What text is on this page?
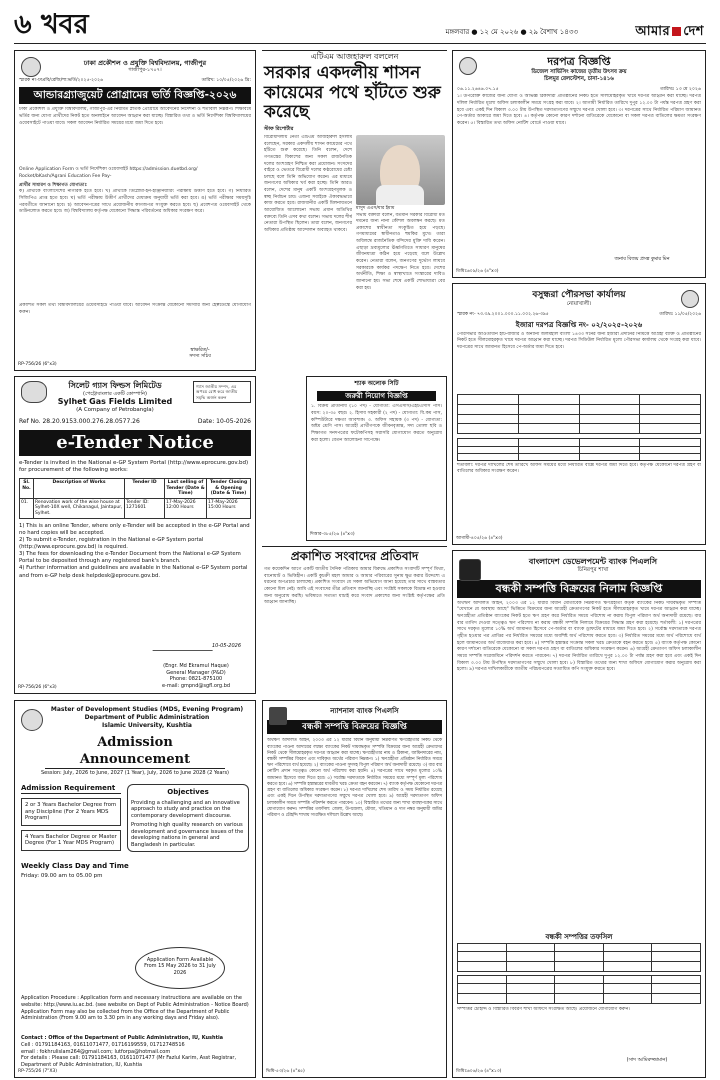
৬ খবর	মঙ্গলবার ● ১২ মে ২০২৬ ● ২৯ বৈশাখ ১৪৩৩	আমার দেশ
ঢাকা প্রকৌশল ও প্রযুক্তি বিশ্ববিদ্যালয়, গাজীপুর
গাজীপুর-১৭০৭।
স্মারক নং-ঢাপ্রবি/রেজি/শা:ভর্তি/২০২৫-২০২৬	তারিখ: ১০/০৫/২০২৬ খ্রি:
আন্ডারগ্র্যাজুয়েট প্রোগ্রামের ভর্তি বিজ্ঞপ্তি-২০২৬
ঢাকা প্রকৌশল ও প্রযুক্তি বিশ্ববিদ্যালয়, গাজীপুর-এর নিয়মিত স্নাতক প্রোগ্রামে আবেদনের নির্দেশনা ও শর্তাবলি নিম্নরূপ। শিক্ষাবর্ষে ভর্তির জন্য যোগ্য প্রার্থীদের নিকট হতে অনলাইনে আবেদন আহ্বান করা যাচ্ছে। বিস্তারিত তথ্য ও ভর্তি নির্দেশিকা বিশ্ববিদ্যালয়ের ওয়েবসাইটে পাওয়া যাবে। সকল আবেদন নির্ধারিত সময়ের মধ্যে জমা দিতে হবে।
Online Application Form ও ভর্তি নির্দেশিকা ওয়েবসাইট https://admission.duetbd.org/
Rocket/bKash/Agrani Education Fee Pay-
প্রার্থীর সাধারণ ও শিক্ষাগত যোগ্যতাঃ
ক) প্রার্থীকে বাংলাদেশের নাগরিক হতে হবে। খ) প্রার্থীকে ডিপ্লোমা-ইন-ইঞ্জিনিয়ারিং পরীক্ষায় উত্তীর্ণ হতে হবে। গ) নির্ধারিত সিজিপিএ প্রাপ্ত হতে হবে। ঘ) ভর্তি পরীক্ষায় উত্তীর্ণ প্রার্থীদের মেধাক্রম অনুযায়ী ভর্তি করা হবে। ঙ) ভর্তি পরীক্ষার সময়সূচি পরবর্তীতে জানানো হবে। চ) আবেদনপত্রের সাথে প্রয়োজনীয় কাগজপত্র সংযুক্ত করতে হবে। ছ) প্রবেশপত্র ওয়েবসাইট থেকে ডাউনলোড করতে হবে। জ) বিশ্ববিদ্যালয় কর্তৃপক্ষ যেকোনো সিদ্ধান্ত পরিবর্তনের অধিকার সংরক্ষণ করে।
প্রকাশিত সকল তথ্য বিশ্ববিদ্যালয়ের ওয়েবসাইটে পাওয়া যাবে। আবেদন সংক্রান্ত যেকোনো সমস্যার জন্য হেল্পডেস্কে যোগাযোগ করুন।
স্বাক্ষরিত/-
সদস্য সচিব
RP-756/26 (6"x3)
এটিএম আজহারুল বললেন
সরকার একদলীয় শাসন কায়েমের পথে হাঁটতে শুরু করেছে
স্টাফ রিপোর্টার
বিরোধীদলীয় নেতা এটিএম আজহারুল ইসলাম বলেছেন, সরকার একদলীয় শাসন কায়েমের পথে হাঁটতে শুরু করেছে। তিনি বলেন, দেশে গণতন্ত্রের বিকাশের জন্য সকল রাজনৈতিক দলের অংশগ্রহণ নিশ্চিত করা প্রয়োজন। সংসদের বাইরে ও ভেতরে বিরোধী দলের কণ্ঠরোধের চেষ্টা চলছে বলে তিনি অভিযোগ করেন। এর মাধ্যমে জনগণের অধিকার খর্ব করা হচ্ছে। তিনি আরও বলেন, দেশের মানুষ একটি অংশগ্রহণমূলক ও স্বচ্ছ নির্বাচন চায়। এজন্য সবাইকে ঐক্যবদ্ধভাবে কাজ করতে হবে। রাজধানীর একটি মিলনায়তনে আয়োজিত আলোচনা সভায় প্রধান অতিথির বক্তব্যে তিনি এসব কথা বলেন। সভায় দলের শীর্ষ নেতারা উপস্থিত ছিলেন। তারা বলেন, জনগণের অধিকার প্রতিষ্ঠায় আন্দোলন অব্যাহত থাকবে।
মাসুদ এএস/যার ইমাম
সভায় বক্তারা বলেন, বর্তমান সরকার বিরোধী মত দমনের জন্য নানা কৌশল অবলম্বন করছে। মত প্রকাশের স্বাধীনতা সংকুচিত হয়ে পড়ছে। গণমাধ্যমের স্বাধীনতাও হুমকির মুখে। তারা অবিলম্বে রাজনৈতিক বন্দিদের মুক্তি দাবি করেন। এছাড়া দ্রব্যমূল্যের ঊর্ধ্বগতিতে সাধারণ মানুষের জীবনযাত্রা কঠিন হয়ে পড়েছে বলে উল্লেখ করেন। নেতারা বলেন, জনগণের দুর্ভোগ লাঘবে সরকারকে কার্যকর পদক্ষেপ নিতে হবে। দেশের অর্থনীতি, শিক্ষা ও স্বাস্থ্যখাতে সংস্কারের দাবিও জানানো হয়। সভা শেষে একটি শোভাযাত্রা বের করা হয়।
দরপত্র বিজ্ঞপ্তি
ডিজেল সার্ভিসিং কাজের তৃতীয় উৎসব ক্রয়
চিলমুর রেলস্টেশন, চানা-১৪১৬
০৬.১১.২৬৪৬.০৭.১৫	তারিখঃ ১৩ মে ২০২৬
১। উপরোক্ত কাজের জন্য যোগ্য ও অভিজ্ঞ ঠিকাদারী প্রতিষ্ঠানের নিকট হতে সীলমোহরকৃত খামে দরপত্র আহ্বান করা যাচ্ছে। দরপত্র দলিল নির্ধারিত মূল্যে অফিস চলাকালীন সময়ে সংগ্রহ করা যাবে। ২। আগামী নির্ধারিত তারিখে দুপুর ১২.০০ টা পর্যন্ত দরপত্র গ্রহণ করা হবে এবং একই দিন বিকাল ৩.০০ টায় উপস্থিত দরদাতাগণের সম্মুখে দরপত্র খোলা হবে। ৩। দরপত্রের সাথে নির্ধারিত পরিমাণ জামানত পে-অর্ডার আকারে জমা দিতে হবে। ৪। কর্তৃপক্ষ কোনো কারণ দর্শানো ব্যতিরেকে যেকোনো বা সকল দরপত্র বাতিলের ক্ষমতা সংরক্ষণ করেন। ৫। বিস্তারিত তথ্য অফিস নোটিশ বোর্ডে পাওয়া যাবে।
জনাব বিজয় প্রসন্ন কুমার মিন
তিমিঃ৬০৯/২৬ (৪"x৩)
বসুন্ধরা পৌরসভা কার্যালয়
নোয়াখালী।
স্মারক নং- ৭৩.৩৯.২০০১.০০০.১১.০০২.২৬-৩৯৫	তারিখঃ ১১/০৫/২০২৬
ইজারা দরপত্র বিজ্ঞপ্তি নং- ০২/২০২৫-২০২৬
পৌরসভার আওতাধীন হাট-বাজার ও অন্যান্য জলমহাল বাংলা ১৪৩৩ সনের জন্য ইজারা প্রদানের নিমিত্তে আগ্রহী ব্যক্তি ও প্রতিষ্ঠানের নিকট হতে সীলমোহরকৃত খামে দরপত্র আহ্বান করা যাচ্ছে। দরপত্র সিডিউল নির্ধারিত মূল্যে পৌরসভা কার্যালয় থেকে সংগ্রহ করা যাবে। দরপত্রের সাথে জামানত হিসেবে পে-অর্ডার জমা দিতে হবে।

শর্তাবলী: দরপত্র দাখিলের শেষ তারিখে অফিস সময়ের মধ্যে নির্ধারিত বাক্সে দরপত্র জমা দিতে হবে। কর্তৃপক্ষ যেকোনো দরপত্র গ্রহণ বা বাতিলের অধিকার সংরক্ষণ করেন।
আগামী-৪০৫/২৬ (৪"x৩)
সিলেট গ্যাস ফিল্ডস লিমিটেড
(পেট্রোবাংলার একটি কোম্পানি)
Sylhet Gas Fields Limited
(A Company of Petrobangla)
গ্যাস জাতীয় সম্পদ, এর অপচয় রোধ করে জাতীয় সমৃদ্ধি অর্জন করুন
Ref No. 28.20.9153.000.276.28.0577.26	Date: 10-05-2026
e-Tender Notice
e-Tender is invited in the National e-GP System Portal (http://www.eprocure.gov.bd) for procurement of the following works:
Sl. No.	Description of Works	Tender ID	Last selling of Tender (Date & Time)	Tender Closing & Opening (Date & Time)
01.	Renovation work of the wise house at Sylhet-10X well, Chikanagul, Jaintapur, Sylhet.	Tender ID: 1271601	17-May-2026 12:00 Hours	17-May-2026 15:00 Hours
1) This is an online Tender, where only e-Tender will be accepted in the e-GP Portal and no hard copies will be accepted.
2) To submit e-Tender, registration in the National e-GP System portal (http://www.eprocure.gov.bd) is required.
3) The fees for downloading the e-Tender Document from the National e-GP System Portal to be deposited through any registered bank's branch.
4) Further information and guidelines are available in the National e-GP System portal and from e-GP help desk helpdesk@eprocure.gov.bd.
10-05-2026
(Engr. Md Ekramul Haque)
General Manager (P&D)
Phone: 0821-875100
e-mail: gmpnd@sgfl.org.bd
RP-756/26 (6"x3)
শ্যাক অলোক সিটি
জরুরী নিয়োগ বিজ্ঞপ্তি
১. বিক্রয় প্রতিনিধি (১০ পদ) - যোগ্যতা: এসএসসি/এইচএসসি পাস। বয়স: ২০-৩৫ বছর। ২. হিসাব সহকারী (২ পদ) - যোগ্যতা: বি.কম পাস, কম্পিউটারে দক্ষতা আবশ্যক। ৩. অফিস সহায়ক (৩ পদ) - যোগ্যতা: অষ্টম শ্রেণি পাস। আগ্রহী প্রার্থীগণকে জীবনবৃত্তান্ত, সদ্য তোলা ছবি ও শিক্ষাগত সনদপত্রের ফটোকপিসহ সরাসরি যোগাযোগ করতে অনুরোধ করা হলো। বেতন আলোচনা সাপেক্ষে।
দিআর-৩৮৫/২৬ (৪"x৩)
প্রকাশিত সংবাদের প্রতিবাদ
গত কয়েকদিন আগে একটি জাতীয় দৈনিক পত্রিকায় আমার বিরুদ্ধে প্রকাশিত সংবাদটি সম্পূর্ণ মিথ্যা, বানোয়াট ও ভিত্তিহীন। একটি কুচক্রী মহল আমার ও আমার পরিবারের সুনাম ক্ষুণ্ণ করার উদ্দেশ্যে এ ধরনের অপপ্রচার চালাচ্ছে। প্রকাশিত সংবাদে যে সকল অভিযোগ আনা হয়েছে তার সাথে বাস্তবতার কোনো মিল নেই। আমি এই সংবাদের তীব্র প্রতিবাদ জানাচ্ছি এবং সংশ্লিষ্ট সকলকে বিভ্রান্ত না হওয়ার জন্য অনুরোধ করছি। ভবিষ্যতে সত্যতা যাচাই করে সংবাদ প্রকাশের জন্য সংশ্লিষ্ট কর্তৃপক্ষের প্রতি আহ্বান জানাচ্ছি।
বাংলাদেশ ডেভেলপমেন্ট ব্যাংক পিএলসি
চিনিরপুর শাখা
বন্ধকী সম্পত্তি বিক্রয়ের নিলাম বিজ্ঞপ্তি
অর্থঋণ আদালত আইন, ২০০৩ এর ১২ ধারার বিধান মোতাবেক নিম্নবর্ণিত ঋণগ্রহীতা কর্তৃক ব্যাংকের নিকট দায়বদ্ধকৃত সম্পত্তি "যেখানে যে অবস্থায় আছে" ভিত্তিতে বিক্রয়ের জন্য আগ্রহী ক্রেতাগণের নিকট হতে সীলমোহরকৃত খামে দরপত্র আহ্বান করা যাচ্ছে। ঋণগ্রহীতা প্রতিষ্ঠান ব্যাংকের নিকট হতে ঋণ গ্রহণ করে নির্ধারিত সময়ে পরিশোধ না করায় বিপুল পরিমাণ অর্থ অনাদায়ী রয়েছে। বার বার তাগিদ দেওয়া সত্ত্বেও ঋণ পরিশোধ না করায় বন্ধকী সম্পত্তি নিলামে বিক্রয়ের সিদ্ধান্ত গ্রহণ করা হয়েছে। শর্তাবলী: ১) দরপত্রের সাথে দরকৃত মূল্যের ১০% অর্থ জামানত হিসেবে পে-অর্ডার বা ব্যাংক ড্রাফটের মাধ্যমে জমা দিতে হবে। ২) সর্বোচ্চ দরদাতাকে দরপত্র গৃহীত হওয়ার পত্র প্রাপ্তির পর নির্ধারিত সময়ের মধ্যে অবশিষ্ট অর্থ পরিশোধ করতে হবে। ৩) নির্ধারিত সময়ের মধ্যে অর্থ পরিশোধে ব্যর্থ হলে জামানতের অর্থ বাজেয়াপ্ত করা হবে। ৪) সম্পত্তি হস্তান্তর সংক্রান্ত সকল খরচ ক্রেতাকে বহন করতে হবে। ৫) ব্যাংক কর্তৃপক্ষ কোনো কারণ দর্শানো ব্যতিরেকে যেকোনো বা সকল দরপত্র গ্রহণ বা বাতিলের অধিকার সংরক্ষণ করেন। ৬) আগ্রহী ক্রেতাগণ অফিস চলাকালীন সময়ে সম্পত্তি সরেজমিনে পরিদর্শন করতে পারবেন। ৭) দরপত্র নির্ধারিত তারিখে দুপুর ১২.০০ টা পর্যন্ত গ্রহণ করা হবে এবং একই দিন বিকাল ৩.০০ টায় উপস্থিত দরদাতাগণের সম্মুখে খোলা হবে। ৮) বিস্তারিত তথ্যের জন্য শাখা অফিসে যোগাযোগ করার অনুরোধ করা হলো। ৯) দরপত্র দাখিলকারীকে জাতীয় পরিচয়পত্রের সত্যায়িত কপি সংযুক্ত করতে হবে।
বন্ধকী সম্পত্তির তফসিল

সম্পত্তির চৌহদ্দি ও বিস্তারিত বিবরণ শাখা অফিসে সংরক্ষিত আছে। প্রয়োজনে যোগাযোগ করুন।
(সাদ আমিরুজ্জামান)
তিমিঃ৬০৬/২৬ (৪"x১৩)
Master of Development Studies (MDS, Evening Program)
Department of Public Administration
Islamic University, Kushtia
Admission Announcement
Session: July, 2026 to June, 2027 (1 Year), July, 2026 to June 2028 (2 Years)
Admission Requirement
2 or 3 Years Bachelor Degree from any Discipline (For 2 Years MDS Program)
4 Years Bachelor Degree or Master Degree (For 1 Year MDS Program)
Objectives
Providing a challenging and an innovative approach to study and practice on the contemporary development discourse.
Promoting high quality research on various development and governance issues of the developing nations in general and Bangladesh in particular.
Weekly Class Day and Time
Friday: 09.00 am to 05.00 pm
Application Form Available From 15 May 2026 to 31 July 2026
Application Procedure : Application form and necessary instructions are available on the website: http://www.iu.ac.bd. (see website on Dept of Public Administration - Notice Board) Application Form may also be collected from the Office of the Department of Public Administration (From 9.00 am to 3.30 pm in any working days and Friday also).
Contact : Office of the Department of Public Administration, IU, Kushtia
Cell : 01791184163, 01611071477, 01716199559, 01712748516
email : fokhrulislam264@gmail.com; lutforpa@hotmail.com
For details : Please call: 01791184163, 01611071477 (Mr Fazlul Karim, Asst Registrar, Department of Public Administration, IU, Kushtia
RP-755/26 (7"X3)
ন্যাশনাল ব্যাংক পিএলসি
বন্ধকী সম্পত্তি বিক্রয়ের বিজ্ঞপ্তি
অর্থঋণ আদালত আইন, ২০০৩ এর ১২ ধারার বিধান অনুযায়ী নিম্নবর্ণিত ঋণগ্রহীতার নিকট থেকে ব্যাংকের পাওনা আদায়ের লক্ষ্যে ব্যাংকের নিকট দায়বদ্ধকৃত সম্পত্তি বিক্রয়ের জন্য আগ্রহী ক্রেতাদের নিকট থেকে সীলমোহরকৃত দরপত্র আহ্বান করা যাচ্ছে। ঋণগ্রহীতার নাম ও ঠিকানা, জামিনদারের নাম, বন্ধকী সম্পত্তির বিবরণ এবং দাবিকৃত অর্থের পরিমাণ নিম্নরূপ। ১) ঋণগ্রহীতা প্রতিষ্ঠান নির্ধারিত সময়ে ঋণ পরিশোধে ব্যর্থ হয়েছে। ২) ব্যাংকের পাওনা সুদসহ বিপুল পরিমাণ অর্থ অনাদায়ী রয়েছে। ৩) বার বার নোটিশ প্রদান সত্ত্বেও কোনো অর্থ পরিশোধ করা হয়নি। ৪) দরপত্রের সাথে দরকৃত মূল্যের ১০% জামানত হিসেবে জমা দিতে হবে। ৫) সর্বোচ্চ দরদাতাকে নির্ধারিত সময়ের মধ্যে সম্পূর্ণ মূল্য পরিশোধ করতে হবে। ৬) সম্পত্তি হস্তান্তরের যাবতীয় খরচ ক্রেতা বহন করবেন। ৭) ব্যাংক কর্তৃপক্ষ যেকোনো দরপত্র গ্রহণ বা বাতিলের অধিকার সংরক্ষণ করেন। ৮) দরপত্র দাখিলের শেষ তারিখ ও সময় নির্ধারিত রয়েছে এবং একই দিনে উপস্থিত দরদাতাগণের সম্মুখে দরপত্র খোলা হবে। ৯) আগ্রহী দরদাতাগণ অফিস চলাকালীন সময়ে সম্পত্তি পরিদর্শন করতে পারবেন। ১০) বিস্তারিত তথ্যের জন্য শাখা ব্যবস্থাপকের সাথে যোগাযোগ করুন। সম্পত্তির তফসিল: জেলা, উপজেলা, মৌজা, খতিয়ান ও দাগ নম্বর অনুযায়ী জমির পরিমাণ ও চৌহদ্দি শাখায় সংরক্ষিত দলিলে উল্লেখ আছে।
ভিমি-৫৩/২৬ (৪"x৫)
